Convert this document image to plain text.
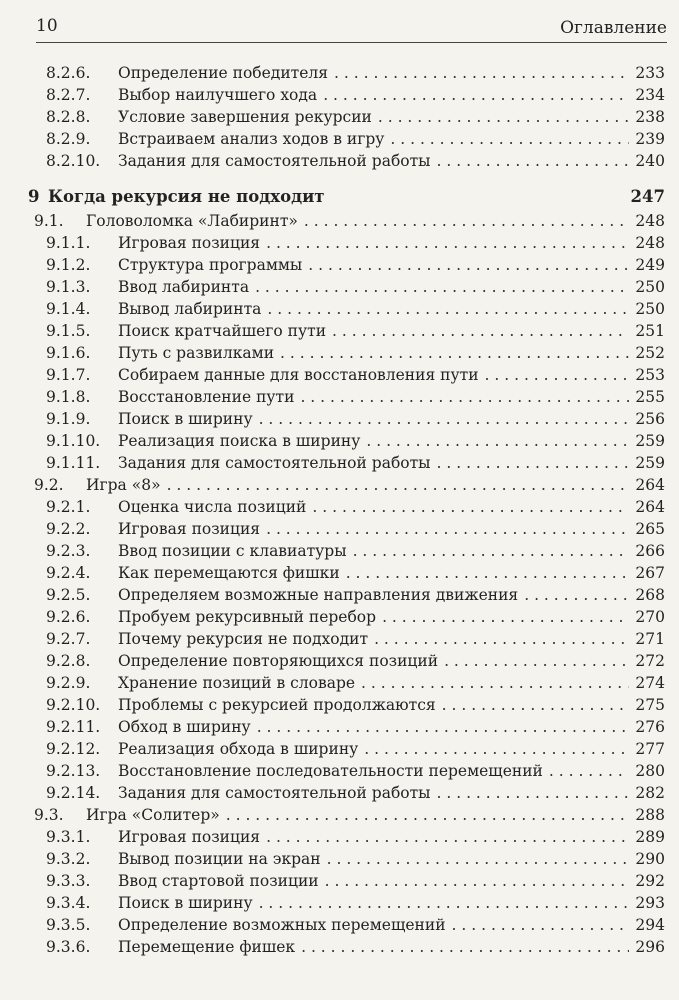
10	Оглавление
8.2.6. Определение победителя . . .	233
8.2.7. Выбор наилучшего хода . . .	234
8.2.8. Условие завершения рекурсии . . .	238
8.2.9. Встраиваем анализ ходов в игру . . .	239
8.2.10. Задания для самостоятельной работы . . .	240
9 Когда рекурсия не подходит	247
9.1. Головоломка «Лабиринт» . . .	248
9.1.1. Игровая позиция . . .	248
9.1.2. Структура программы . . .	249
9.1.3. Ввод лабиринта . . .	250
9.1.4. Вывод лабиринта . . .	250
9.1.5. Поиск кратчайшего пути . . .	251
9.1.6. Путь с развилками . . .	252
9.1.7. Собираем данные для восстановления пути . . .	253
9.1.8. Восстановление пути . . .	255
9.1.9. Поиск в ширину . . .	256
9.1.10. Реализация поиска в ширину . . .	259
9.1.11. Задания для самостоятельной работы . . .	259
9.2. Игра «8» . . .	264
9.2.1. Оценка числа позиций . . .	264
9.2.2. Игровая позиция . . .	265
9.2.3. Ввод позиции с клавиатуры . . .	266
9.2.4. Как перемещаются фишки . . .	267
9.2.5. Определяем возможные направления движения . . .	268
9.2.6. Пробуем рекурсивный перебор . . .	270
9.2.7. Почему рекурсия не подходит . . .	271
9.2.8. Определение повторяющихся позиций . . .	272
9.2.9. Хранение позиций в словаре . . .	274
9.2.10. Проблемы с рекурсией продолжаются . . .	275
9.2.11. Обход в ширину . . .	276
9.2.12. Реализация обхода в ширину . . .	277
9.2.13. Восстановление последовательности перемещений . . .	280
9.2.14. Задания для самостоятельной работы . . .	282
9.3. Игра «Солитер» . . .	288
9.3.1. Игровая позиция . . .	289
9.3.2. Вывод позиции на экран . . .	290
9.3.3. Ввод стартовой позиции . . .	292
9.3.4. Поиск в ширину . . .	293
9.3.5. Определение возможных перемещений . . .	294
9.3.6. Перемещение фишек . . .	296
